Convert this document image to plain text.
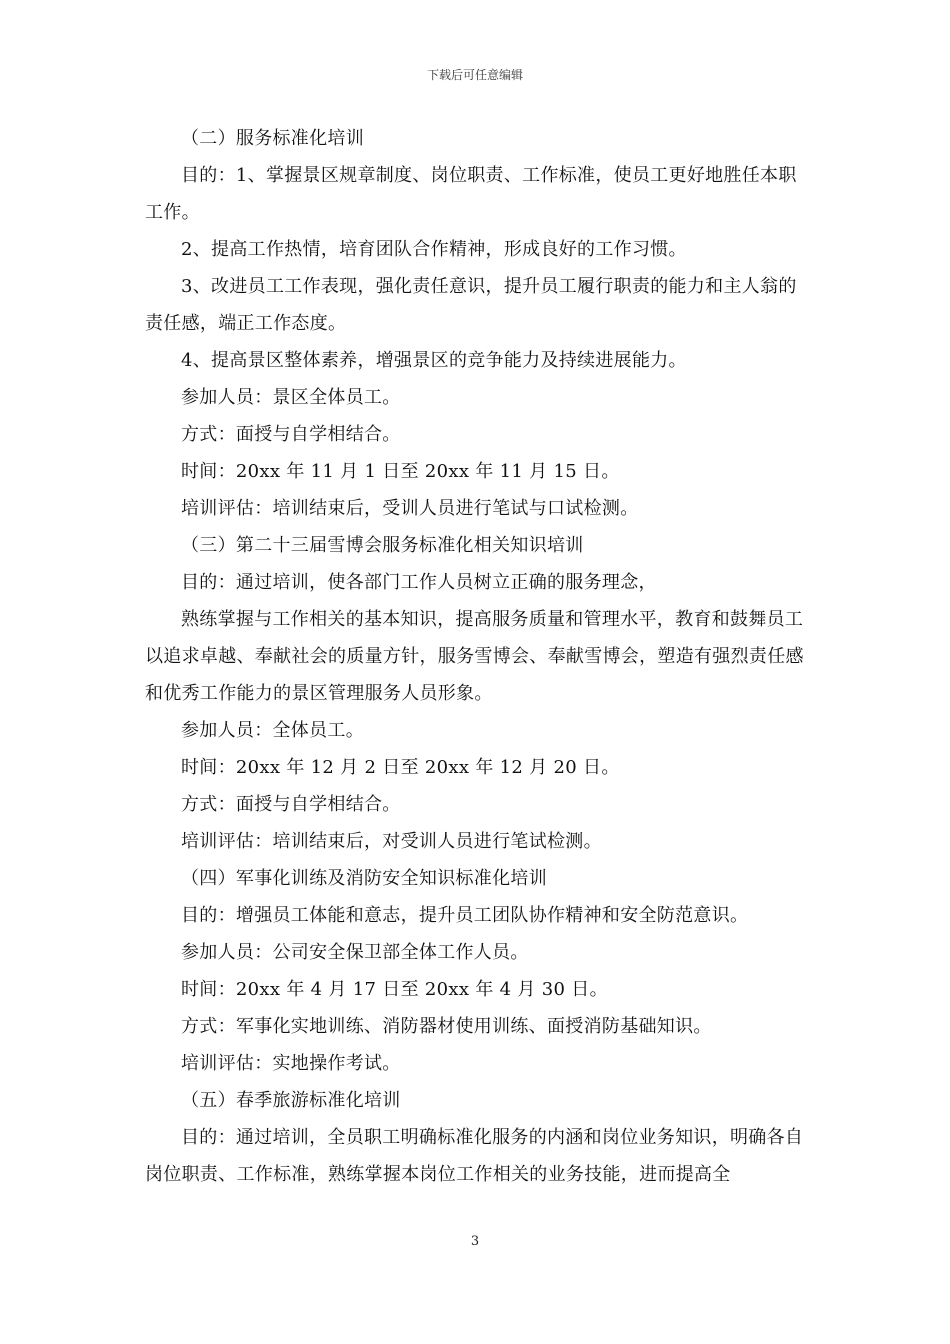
下载后可任意编辑

（二）服务标准化培训

目的：1、掌握景区规章制度、岗位职责、工作标准，使员工更好地胜任本职工作。

2、提高工作热情，培育团队合作精神，形成良好的工作习惯。

3、改进员工工作表现，强化责任意识，提升员工履行职责的能力和主人翁的责任感，端正工作态度。

4、提高景区整体素养，增强景区的竞争能力及持续进展能力。

参加人员：景区全体员工。

方式：面授与自学相结合。

时间：20xx 年 11 月 1 日至 20xx 年 11 月 15 日。

培训评估：培训结束后，受训人员进行笔试与口试检测。

（三）第二十三届雪博会服务标准化相关知识培训

目的：通过培训，使各部门工作人员树立正确的服务理念，

熟练掌握与工作相关的基本知识，提高服务质量和管理水平，教育和鼓舞员工以追求卓越、奉献社会的质量方针，服务雪博会、奉献雪博会，塑造有强烈责任感和优秀工作能力的景区管理服务人员形象。

参加人员：全体员工。

时间：20xx 年 12 月 2 日至 20xx 年 12 月 20 日。

方式：面授与自学相结合。

培训评估：培训结束后，对受训人员进行笔试检测。

（四）军事化训练及消防安全知识标准化培训

目的：增强员工体能和意志，提升员工团队协作精神和安全防范意识。

参加人员：公司安全保卫部全体工作人员。

时间：20xx 年 4 月 17 日至 20xx 年 4 月 30 日。

方式：军事化实地训练、消防器材使用训练、面授消防基础知识。

培训评估：实地操作考试。

（五）春季旅游标准化培训

目的：通过培训，全员职工明确标准化服务的内涵和岗位业务知识，明确各自岗位职责、工作标准，熟练掌握本岗位工作相关的业务技能，进而提高全

3
